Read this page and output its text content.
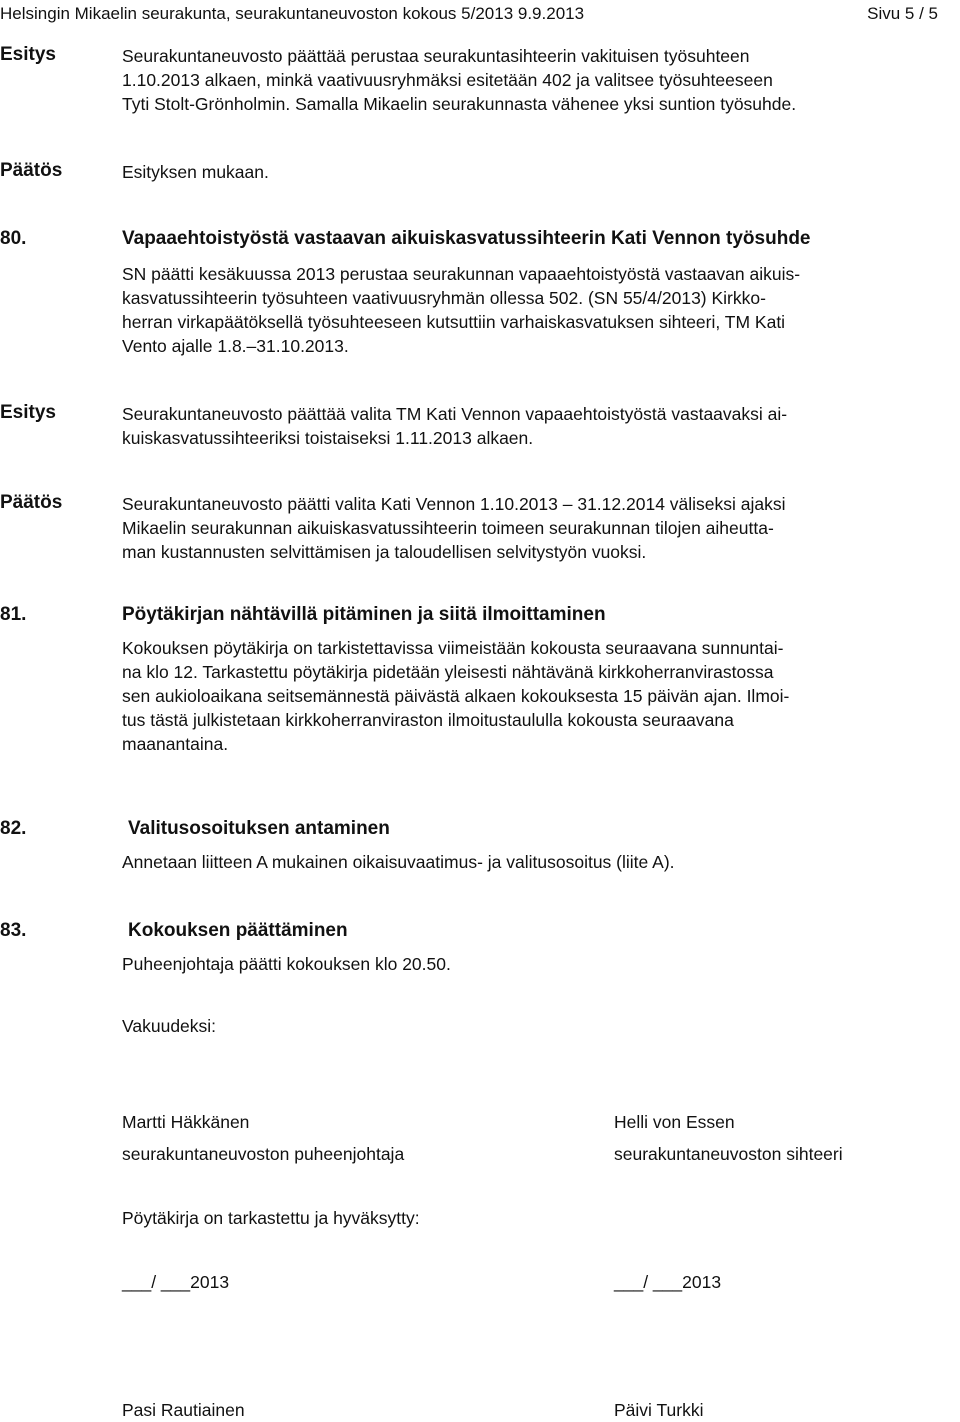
Helsingin Mikaelin seurakunta, seurakuntaneuvoston kokous 5/2013 9.9.2013	Sivu 5 / 5
Esitys	Seurakuntaneuvosto päättää perustaa seurakuntasihteerin vakituisen työsuhteen
1.10.2013 alkaen, minkä vaativuusryhmäksi esitetään 402 ja valitsee työsuhteeseen
Tyti Stolt-Grönholmin. Samalla Mikaelin seurakunnasta vähenee yksi suntion työsuhde.
Päätös	Esityksen mukaan.
80.	Vapaaehtoistyöstä vastaavan aikuiskasvatussihteerin Kati Vennon työsuhde
SN päätti kesäkuussa 2013 perustaa seurakunnan vapaaehtoistyöstä vastaavan aikuis-
kasvatussihteerin työsuhteen vaativuusryhmän ollessa 502. (SN 55/4/2013) Kirkko-
herran virkapäätöksellä työsuhteeseen kutsuttiin varhaiskasvatuksen sihteeri, TM Kati
Vento ajalle 1.8.–31.10.2013.
Esitys	Seurakuntaneuvosto päättää valita TM Kati Vennon vapaaehtoistyöstä vastaavaksi ai-
kuiskasvatussihteeriksi toistaiseksi 1.11.2013 alkaen.
Päätös	Seurakuntaneuvosto päätti valita Kati Vennon 1.10.2013 – 31.12.2014 väliseksi ajaksi
Mikaelin seurakunnan aikuiskasvatussihteerin toimeen seurakunnan tilojen aiheutta-
man kustannusten selvittämisen ja taloudellisen selvitystyön vuoksi.
81.	Pöytäkirjan nähtävillä pitäminen ja siitä ilmoittaminen
Kokouksen pöytäkirja on tarkistettavissa viimeistään kokousta seuraavana sunnuntai-
na klo 12. Tarkastettu pöytäkirja pidetään yleisesti nähtävänä kirkkoherranvirastossa
sen aukioloaikana seitsemännestä päivästä alkaen kokouksesta 15 päivän ajan. Ilmoi-
tus tästä julkistetaan kirkkoherranviraston ilmoitustaululla kokousta seuraavana
maanantaina.
82.	Valitusosoituksen antaminen
Annetaan liitteen A mukainen oikaisuvaatimus- ja valitusosoitus (liite A).
83.	Kokouksen päättäminen
Puheenjohtaja päätti kokouksen klo 20.50.
Vakuudeksi:
Martti Häkkänen
seurakuntaneuvoston puheenjohtaja
Helli von Essen
seurakuntaneuvoston sihteeri
Pöytäkirja on tarkastettu ja hyväksytty:
___/ ___2013	___/ ___2013
Pasi Rautiainen	Päivi Turkki
